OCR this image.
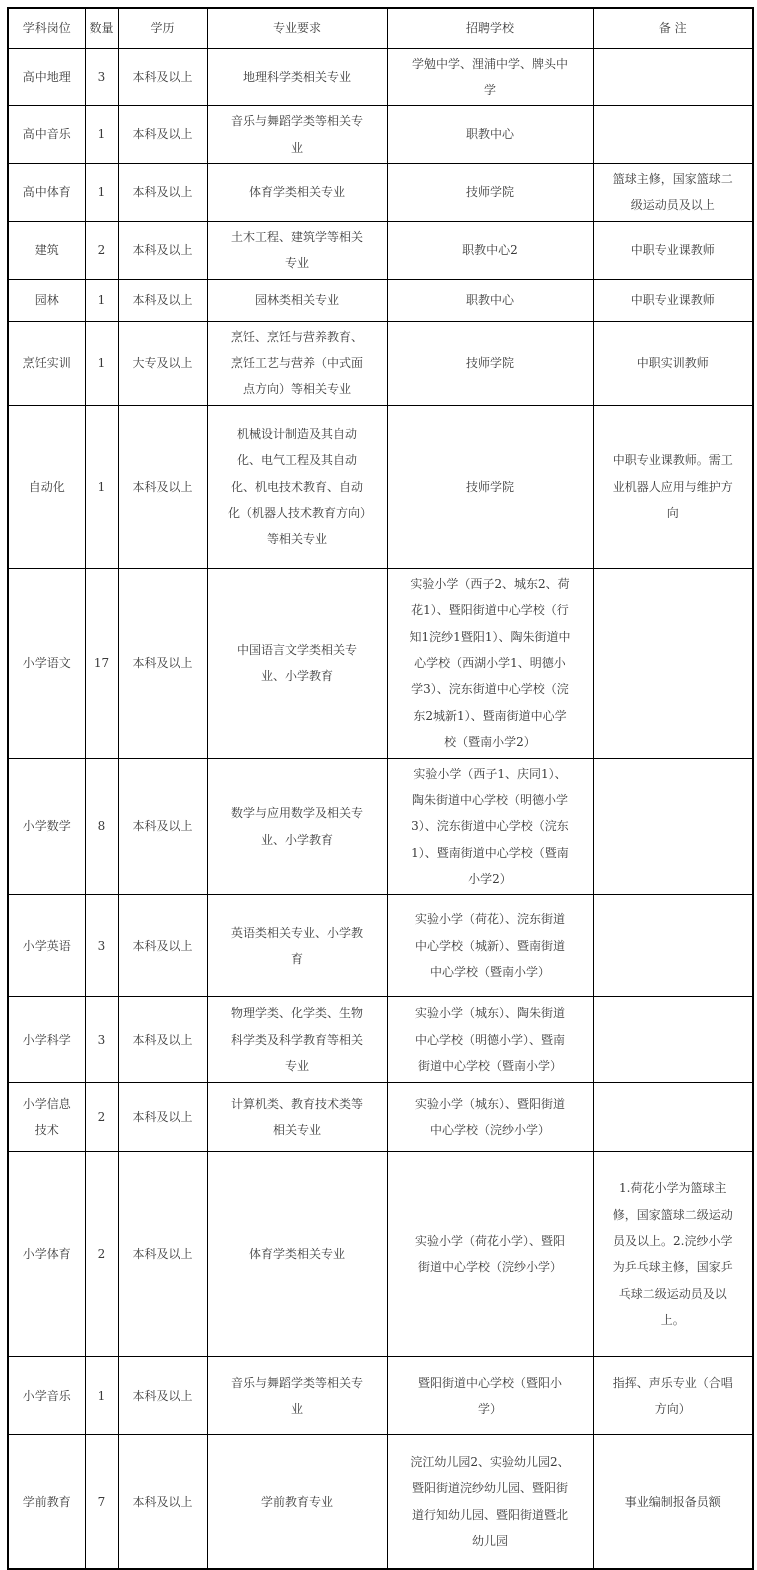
学科岗位	数量	学历	专业要求	招聘学校	备 注
高中地理	3	本科及以上	地理科学类相关专业	学勉中学、浬浦中学、牌头中学	
高中音乐	1	本科及以上	音乐与舞蹈学类等相关专业	职教中心	
高中体育	1	本科及以上	体育学类相关专业	技师学院	篮球主修，国家篮球二级运动员及以上
建筑	2	本科及以上	土木工程、建筑学等相关专业	职教中心2	中职专业课教师
园林	1	本科及以上	园林类相关专业	职教中心	中职专业课教师
烹饪实训	1	大专及以上	烹饪、烹饪与营养教育、烹饪工艺与营养（中式面点方向）等相关专业	技师学院	中职实训教师
自动化	1	本科及以上	机械设计制造及其自动化、电气工程及其自动化、机电技术教育、自动化（机器人技术教育方向）等相关专业	技师学院	中职专业课教师。需工业机器人应用与维护方向
小学语文	17	本科及以上	中国语言文学类相关专业、小学教育	实验小学（西子2、城东2、荷花1）、暨阳街道中心学校（行知1浣纱1暨阳1）、陶朱街道中心学校（西湖小学1、明德小学3）、浣东街道中心学校（浣东2城新1）、暨南街道中心学校（暨南小学2）	
小学数学	8	本科及以上	数学与应用数学及相关专业、小学教育	实验小学（西子1、庆同1）、陶朱街道中心学校（明德小学3）、浣东街道中心学校（浣东1）、暨南街道中心学校（暨南小学2）	
小学英语	3	本科及以上	英语类相关专业、小学教育	实验小学（荷花）、浣东街道中心学校（城新）、暨南街道中心学校（暨南小学）	
小学科学	3	本科及以上	物理学类、化学类、生物科学类及科学教育等相关专业	实验小学（城东）、陶朱街道中心学校（明德小学）、暨南街道中心学校（暨南小学）	
小学信息技术	2	本科及以上	计算机类、教育技术类等相关专业	实验小学（城东）、暨阳街道中心学校（浣纱小学）	
小学体育	2	本科及以上	体育学类相关专业	实验小学（荷花小学）、暨阳街道中心学校（浣纱小学）	1.荷花小学为篮球主修，国家篮球二级运动员及以上。2.浣纱小学为乒乓球主修，国家乒乓球二级运动员及以上。
小学音乐	1	本科及以上	音乐与舞蹈学类等相关专业	暨阳街道中心学校（暨阳小学）	指挥、声乐专业（合唱方向）
学前教育	7	本科及以上	学前教育专业	浣江幼儿园2、实验幼儿园2、暨阳街道浣纱幼儿园、暨阳街道行知幼儿园、暨阳街道暨北幼儿园	事业编制报备员额
